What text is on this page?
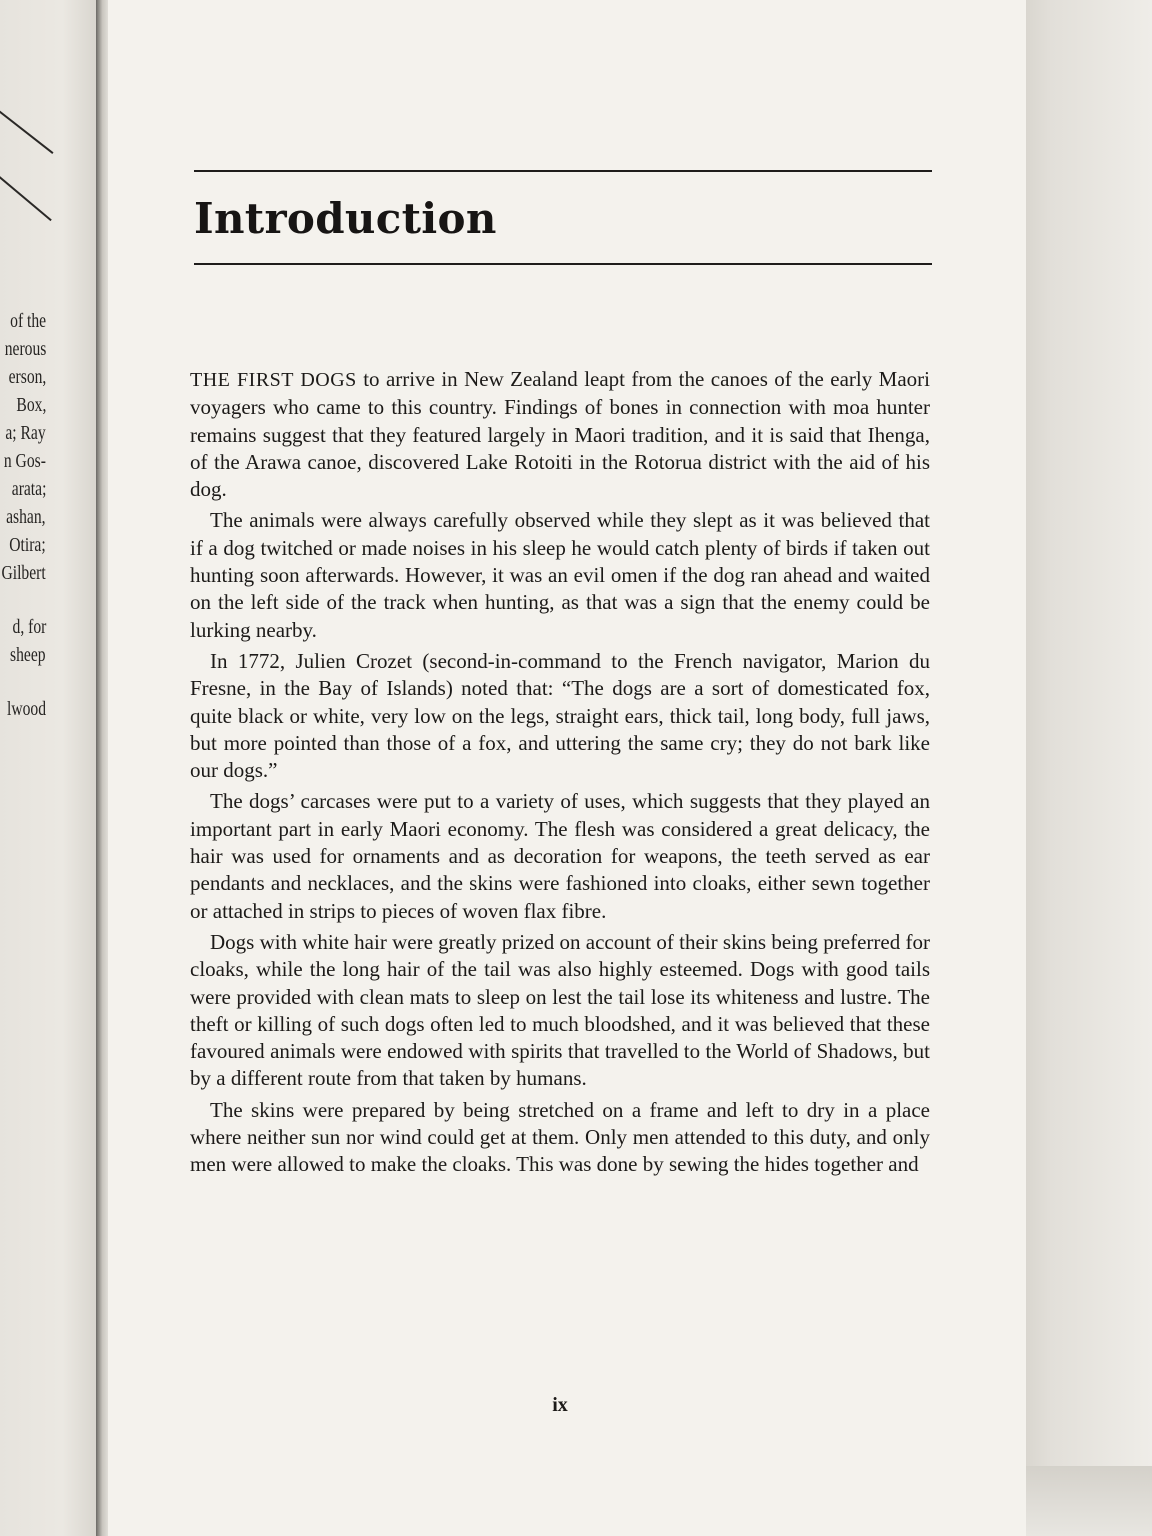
of the
nerous
erson,
Box,
a; Ray
n Gos-
arata;
ashan,
Otira;
Gilbert
d, for
sheep
lwood
Introduction

THE FIRST DOGS to arrive in New Zealand leapt from the canoes of the early Maori voyagers who came to this country. Findings of bones in connection with moa hunter remains suggest that they featured largely in Maori tradition, and it is said that Ihenga, of the Arawa canoe, discovered Lake Rotoiti in the Rotorua district with the aid of his dog.

The animals were always carefully observed while they slept as it was believed that if a dog twitched or made noises in his sleep he would catch plenty of birds if taken out hunting soon afterwards. However, it was an evil omen if the dog ran ahead and waited on the left side of the track when hunting, as that was a sign that the enemy could be lurking nearby.

In 1772, Julien Crozet (second-in-command to the French navigator, Marion du Fresne, in the Bay of Islands) noted that: “The dogs are a sort of domesticated fox, quite black or white, very low on the legs, straight ears, thick tail, long body, full jaws, but more pointed than those of a fox, and uttering the same cry; they do not bark like our dogs.”

The dogs’ carcases were put to a variety of uses, which suggests that they played an important part in early Maori economy. The flesh was considered a great delicacy, the hair was used for ornaments and as decoration for weapons, the teeth served as ear pendants and necklaces, and the skins were fashioned into cloaks, either sewn together or attached in strips to pieces of woven flax fibre.

Dogs with white hair were greatly prized on account of their skins being preferred for cloaks, while the long hair of the tail was also highly esteemed. Dogs with good tails were provided with clean mats to sleep on lest the tail lose its whiteness and lustre. The theft or killing of such dogs often led to much bloodshed, and it was believed that these favoured animals were endowed with spirits that travelled to the World of Shadows, but by a different route from that taken by humans.

The skins were prepared by being stretched on a frame and left to dry in a place where neither sun nor wind could get at them. Only men attended to this duty, and only men were allowed to make the cloaks. This was done by sewing the hides together and

ix
